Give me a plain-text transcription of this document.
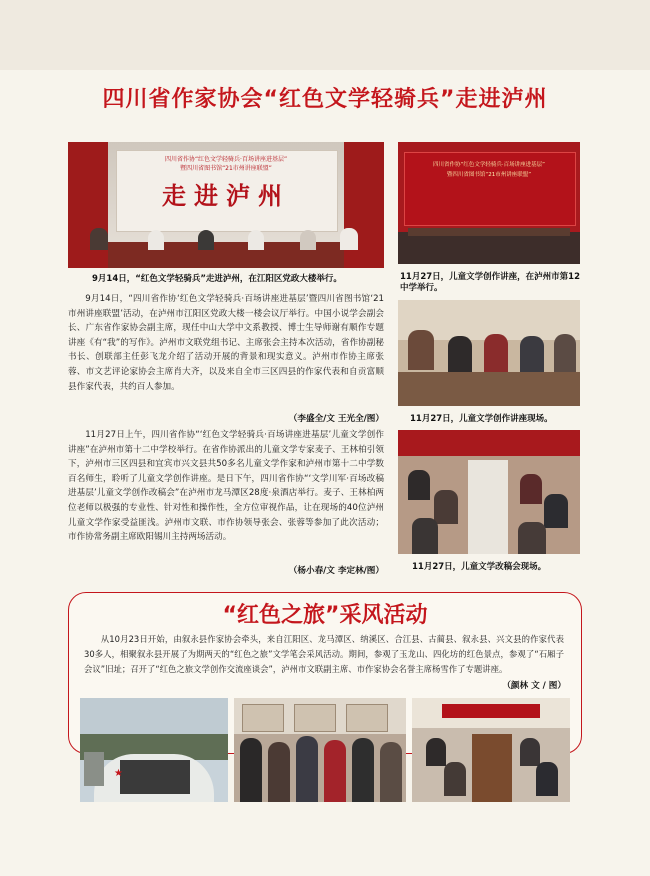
四川省作家协会“红色文学轻骑兵”走进泸州
四川省作协“红色文学轻骑兵·百场讲座进基层”
暨四川省图书馆“21市州讲座联盟”
走进泸州
9月14日，“红色文学轻骑兵”走进泸州，在江阳区党政大楼举行。
四川省作协“红色文学轻骑兵·百场讲座进基层”
暨四川省图书馆“21市州讲座联盟”
11月27日，儿童文学创作讲座，在泸州市第12中学举行。
11月27日，儿童文学创作讲座现场。
11月27日，儿童文学改稿会现场。
9月14日，“四川省作协‘红色文学轻骑兵·百场讲座进基层’暨四川省图书馆‘21市州讲座联盟’活动，在泸州市江阳区党政大楼一楼会议厅举行。中国小说学会副会长、广东省作家协会副主席，现任中山大学中文系教授、博士生导师谢有顺作专题讲座《有“我”的写作》。泸州市文联党组书记、主席张会主持本次活动，省作协副秘书长、创联部主任彭飞龙介绍了活动开展的背景和现实意义。泸州市作协主席张蓉、市文艺评论家协会主席肖大齐，以及来自全市三区四县的作家代表和自贡富顺县作家代表，共约百人参加。
（李盛全/文 王光全/图）
11月27日上午，四川省作协“‘红色文学轻骑兵·百场讲座进基层’儿童文学创作讲座”在泸州市第十二中学校举行。在省作协派出的儿童文学专家麦子、王林柏引领下，泸州市三区四县和宜宾市兴文县共50多名儿童文学作家和泸州市第十二中学数百名师生，聆听了儿童文学创作讲座。是日下午，四川省作协“‘文学川军·百场改稿进基层’儿童文学创作改稿会”在泸州市龙马潭区28度·泉酒店举行。麦子、王林柏两位老师以极强的专业性、针对性和操作性，全方位审视作品，让在现场的40位泸州儿童文学作家受益匪浅。泸州市文联、市作协领导张会、张蓉等参加了此次活动；市作协常务副主席欧阳锡川主持两场活动。
（杨小春/文 李定林/图）
“红色之旅”采风活动
从10月23日开始，由叙永县作家协会牵头，来自江阳区、龙马潭区、纳溪区、合江县、古蔺县、叙永县、兴文县的作家代表30多人，相聚叙永县开展了为期两天的“红色之旅”文学笔会采风活动。期间，参观了玉龙山、四化坊的红色景点，参观了“石厢子会议”旧址；召开了“红色之旅文学创作交流座谈会”，泸州市文联副主席、市作家协会名誉主席杨雪作了专题讲座。
（颜林 文 / 图）
★
